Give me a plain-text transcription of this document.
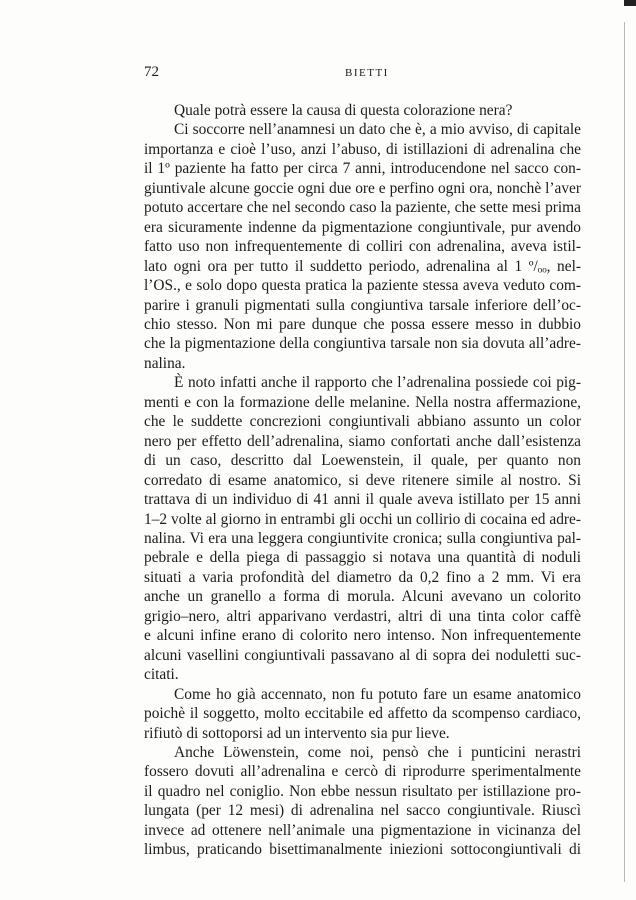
72	BIETTI
Quale potrà essere la causa di questa colorazione nera?
Ci soccorre nell’anamnesi un dato che è, a mio avviso, di capitale
importanza e cioè l’uso, anzi l’abuso, di istillazioni di adrenalina che
il 1º paziente ha fatto per circa 7 anni, introducendone nel sacco con-
giuntivale alcune goccie ogni due ore e perfino ogni ora, nonchè l’aver
potuto accertare che nel secondo caso la paziente, che sette mesi prima
era sicuramente indenne da pigmentazione congiuntivale, pur avendo
fatto uso non infrequentemente di colliri con adrenalina, aveva istil-
lato ogni ora per tutto il suddetto periodo, adrenalina al 1 º/ₒₒ, nel-
l’OS., e solo dopo questa pratica la paziente stessa aveva veduto com-
parire i granuli pigmentati sulla congiuntiva tarsale inferiore dell’oc-
chio stesso. Non mi pare dunque che possa essere messo in dubbio
che la pigmentazione della congiuntiva tarsale non sia dovuta all’adre-
nalina.
È noto infatti anche il rapporto che l’adrenalina possiede coi pig-
menti e con la formazione delle melanine. Nella nostra affermazione,
che le suddette concrezioni congiuntivali abbiano assunto un color
nero per effetto dell’adrenalina, siamo confortati anche dall’esistenza
di un caso, descritto dal Loewenstein, il quale, per quanto non
corredato di esame anatomico, si deve ritenere simile al nostro. Si
trattava di un individuo di 41 anni il quale aveva istillato per 15 anni
1–2 volte al giorno in entrambi gli occhi un collirio di cocaina ed adre-
nalina. Vi era una leggera congiuntivite cronica; sulla congiuntiva pal-
pebrale e della piega di passaggio si notava una quantità di noduli
situati a varia profondità del diametro da 0,2 fino a 2 mm. Vi era
anche un granello a forma di morula. Alcuni avevano un colorito
grigio–nero, altri apparivano verdastri, altri di una tinta color caffè
e alcuni infine erano di colorito nero intenso. Non infrequentemente
alcuni vasellini congiuntivali passavano al di sopra dei noduletti suc-
citati.
Come ho già accennato, non fu potuto fare un esame anatomico
poichè il soggetto, molto eccitabile ed affetto da scompenso cardiaco,
rifiutò di sottoporsi ad un intervento sia pur lieve.
Anche Löwenstein, come noi, pensò che i punticini nerastri
fossero dovuti all’adrenalina e cercò di riprodurre sperimentalmente
il quadro nel coniglio. Non ebbe nessun risultato per istillazione pro-
lungata (per 12 mesi) di adrenalina nel sacco congiuntivale. Riuscì
invece ad ottenere nell’animale una pigmentazione in vicinanza del
limbus, praticando bisettimanalmente iniezioni sottocongiuntivali di
